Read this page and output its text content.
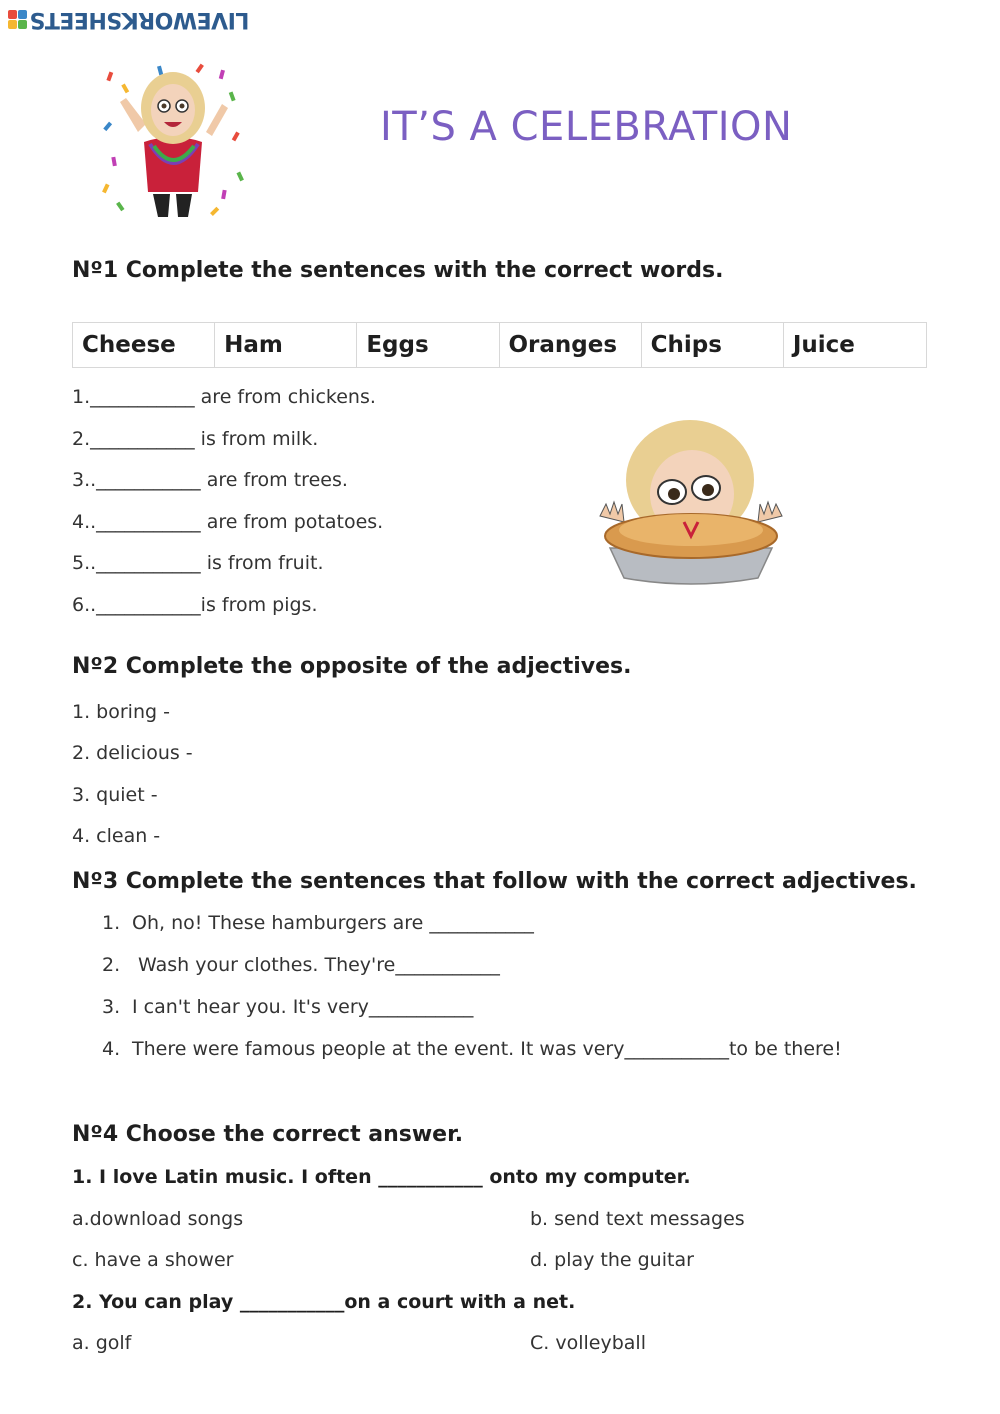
LIVEWORKSHEETS
IT’S A CELEBRATION
Nº1 Complete the sentences with the correct words.
Cheese	Ham	Eggs	Oranges	Chips	Juice
1.___________ are from chickens.
2.___________ is from milk.
3..___________ are from trees.
4..___________ are from potatoes.
5..___________ is from fruit.
6..___________is from pigs.
Nº2 Complete the opposite of the adjectives.
1. boring -
2. delicious -
3. quiet -
4. clean -
Nº3 Complete the sentences that follow with the correct adjectives.
1. Oh, no! These hamburgers are ___________
2. Wash your clothes. They're___________
3. I can't hear you. It's very___________
4. There were famous people at the event. It was very___________to be there!
Nº4 Choose the correct answer.
1. I love Latin music. I often ___________ onto my computer.
a.download songs	b. send text messages
c. have a shower	d. play the guitar
2. You can play ___________on a court with a net.
a. golf	C. volleyball
